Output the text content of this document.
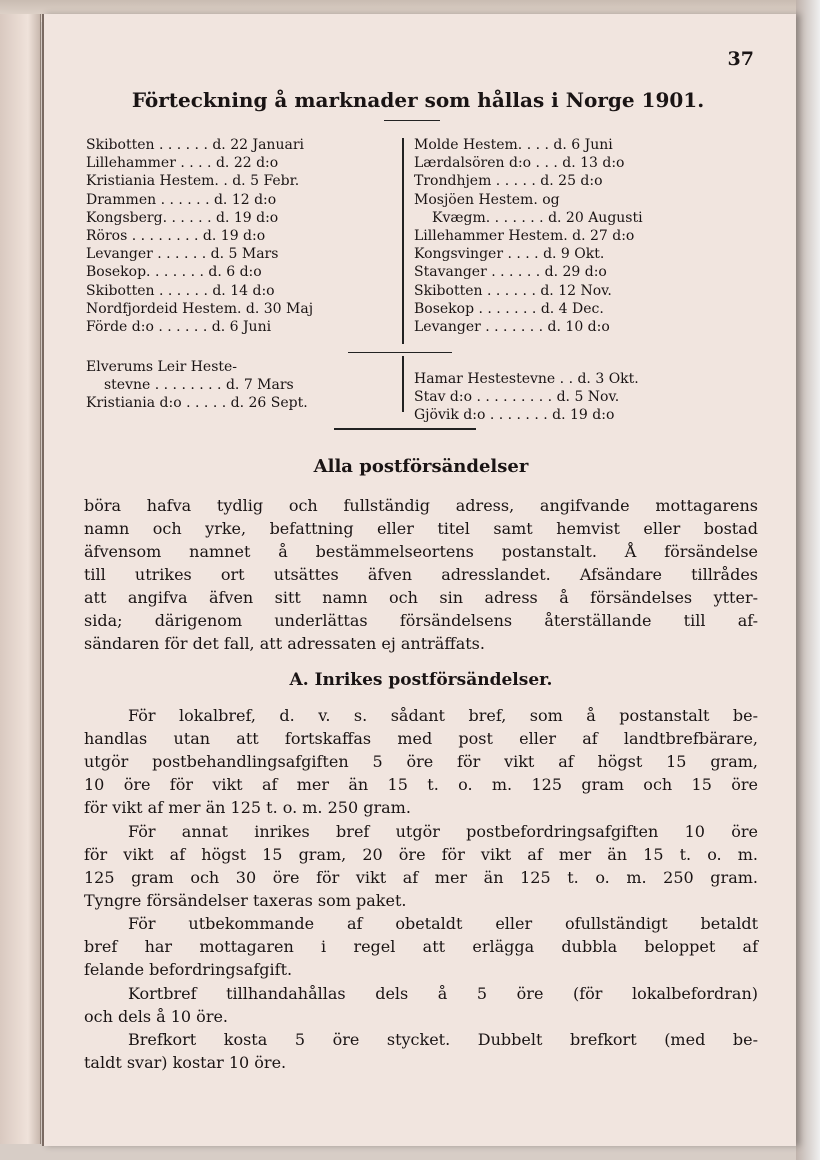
37
Förteckning å marknader som hållas i Norge 1901.
Skibotten . . . . . . d. 22 Januari
Lillehammer . . . . d. 22 d:o
Kristiania Hestem. . d. 5 Febr.
Drammen . . . . . . d. 12 d:o
Kongsberg. . . . . . d. 19 d:o
Röros . . . . . . . . d. 19 d:o
Levanger . . . . . . d. 5 Mars
Bosekop. . . . . . . d. 6 d:o
Skibotten . . . . . . d. 14 d:o
Nordfjordeid Hestem. d. 30 Maj
Förde d:o . . . . . . d. 6 Juni
Molde Hestem. . . . d. 6 Juni
Lærdalsören d:o . . . d. 13 d:o
Trondhjem . . . . . d. 25 d:o
Mosjöen Hestem. og
Kvægm. . . . . . . d. 20 Augusti
Lillehammer Hestem. d. 27 d:o
Kongsvinger . . . . d. 9 Okt.
Stavanger . . . . . . d. 29 d:o
Skibotten . . . . . . d. 12 Nov.
Bosekop . . . . . . . d. 4 Dec.
Levanger . . . . . . . d. 10 d:o
Elverums Leir Heste-
stevne . . . . . . . . d. 7 Mars
Kristiania d:o . . . . . d. 26 Sept.
Hamar Hestestevne . . d. 3 Okt.
Stav d:o . . . . . . . . . d. 5 Nov.
Gjövik d:o . . . . . . . d. 19 d:o
Alla postförsändelser
böra hafva tydlig och fullständig adress, angifvande mottagarens
namn och yrke, befattning eller titel samt hemvist eller bostad
äfvensom namnet å bestämmelseortens postanstalt. Å försändelse
till utrikes ort utsättes äfven adresslandet. Afsändare tillrådes
att angifva äfven sitt namn och sin adress å försändelses ytter-
sida; därigenom underlättas försändelsens återställande till af-
sändaren för det fall, att adressaten ej anträffats.
A. Inrikes postförsändelser.
För lokalbref, d. v. s. sådant bref, som å postanstalt be-
handlas utan att fortskaffas med post eller af landtbrefbärare,
utgör postbehandlingsafgiften 5 öre för vikt af högst 15 gram,
10 öre för vikt af mer än 15 t. o. m. 125 gram och 15 öre
för vikt af mer än 125 t. o. m. 250 gram.
För annat inrikes bref utgör postbefordringsafgiften 10 öre
för vikt af högst 15 gram, 20 öre för vikt af mer än 15 t. o. m.
125 gram och 30 öre för vikt af mer än 125 t. o. m. 250 gram.
Tyngre försändelser taxeras som paket.
För utbekommande af obetaldt eller ofullständigt betaldt
bref har mottagaren i regel att erlägga dubbla beloppet af
felande befordringsafgift.
Kortbref tillhandahållas dels å 5 öre (för lokalbefordran)
och dels å 10 öre.
Brefkort kosta 5 öre stycket. Dubbelt brefkort (med be-
taldt svar) kostar 10 öre.
